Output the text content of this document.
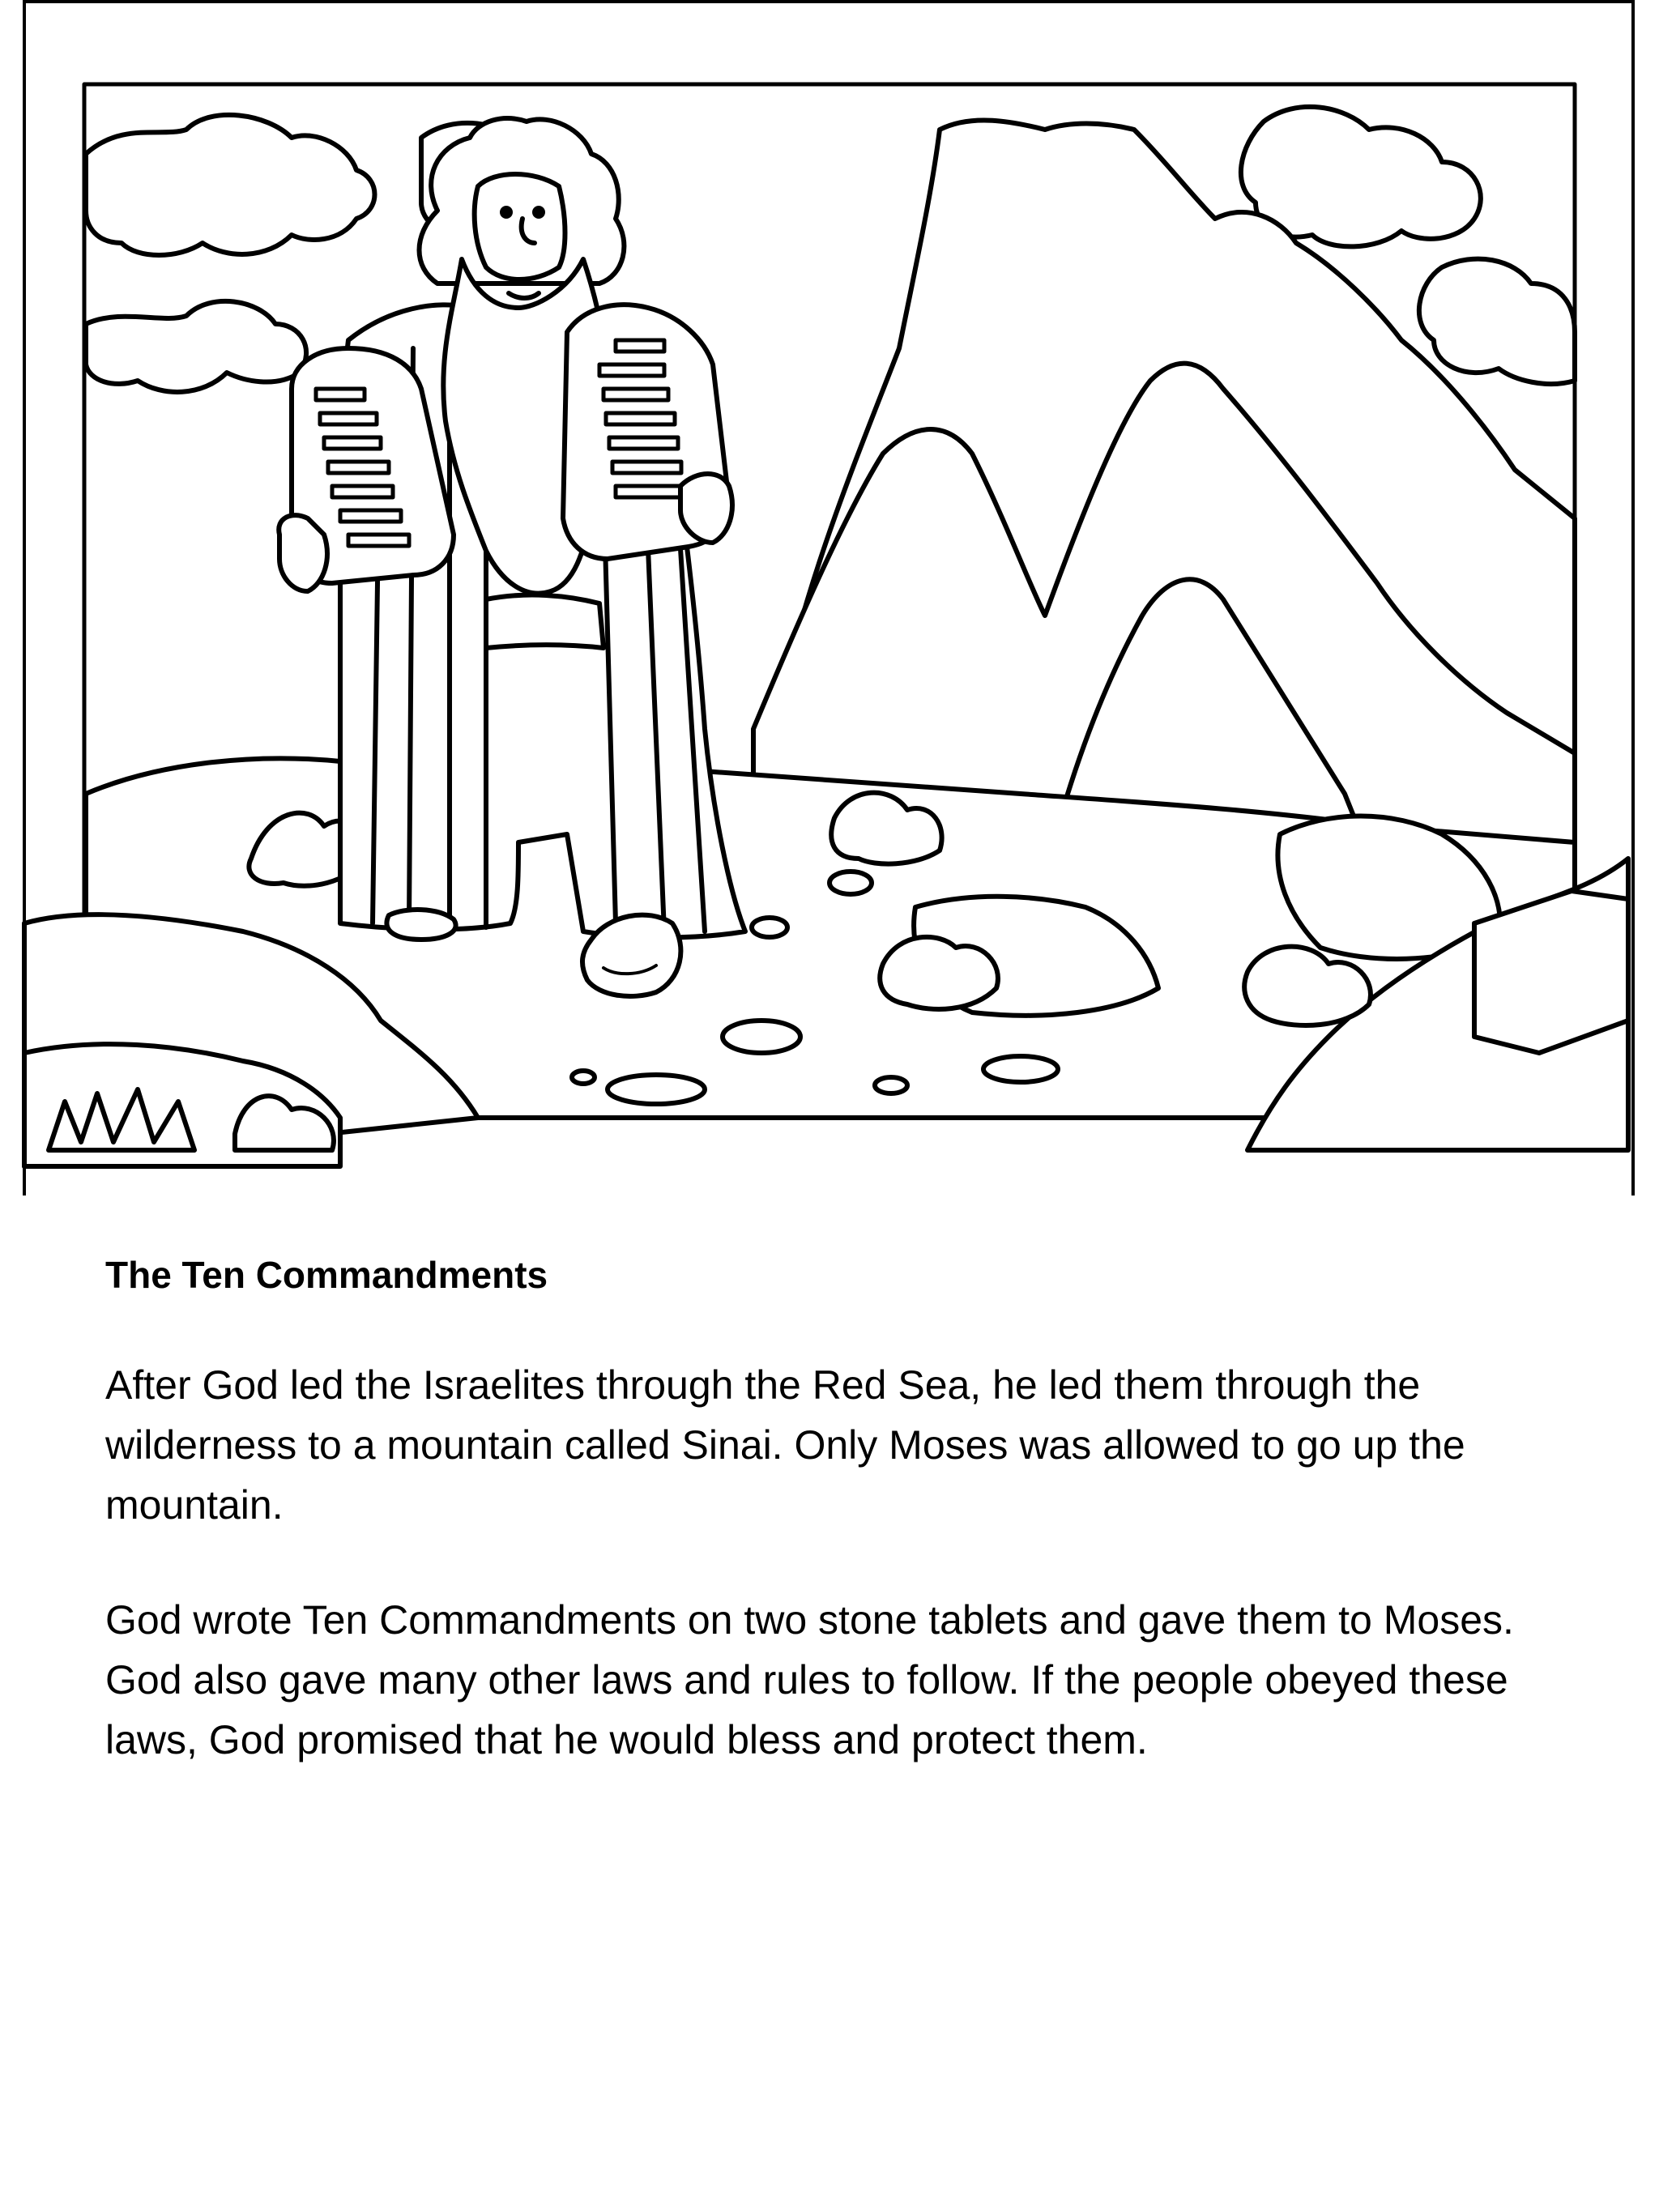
The Ten Commandments

After God led the Israelites through the Red Sea, he led them through the wilderness to a mountain called Sinai. Only Moses was allowed to go up the mountain.

God wrote Ten Commandments on two stone tablets and gave them to Moses. God also gave many other laws and rules to follow. If the people obeyed these laws, God promised that he would bless and protect them.
